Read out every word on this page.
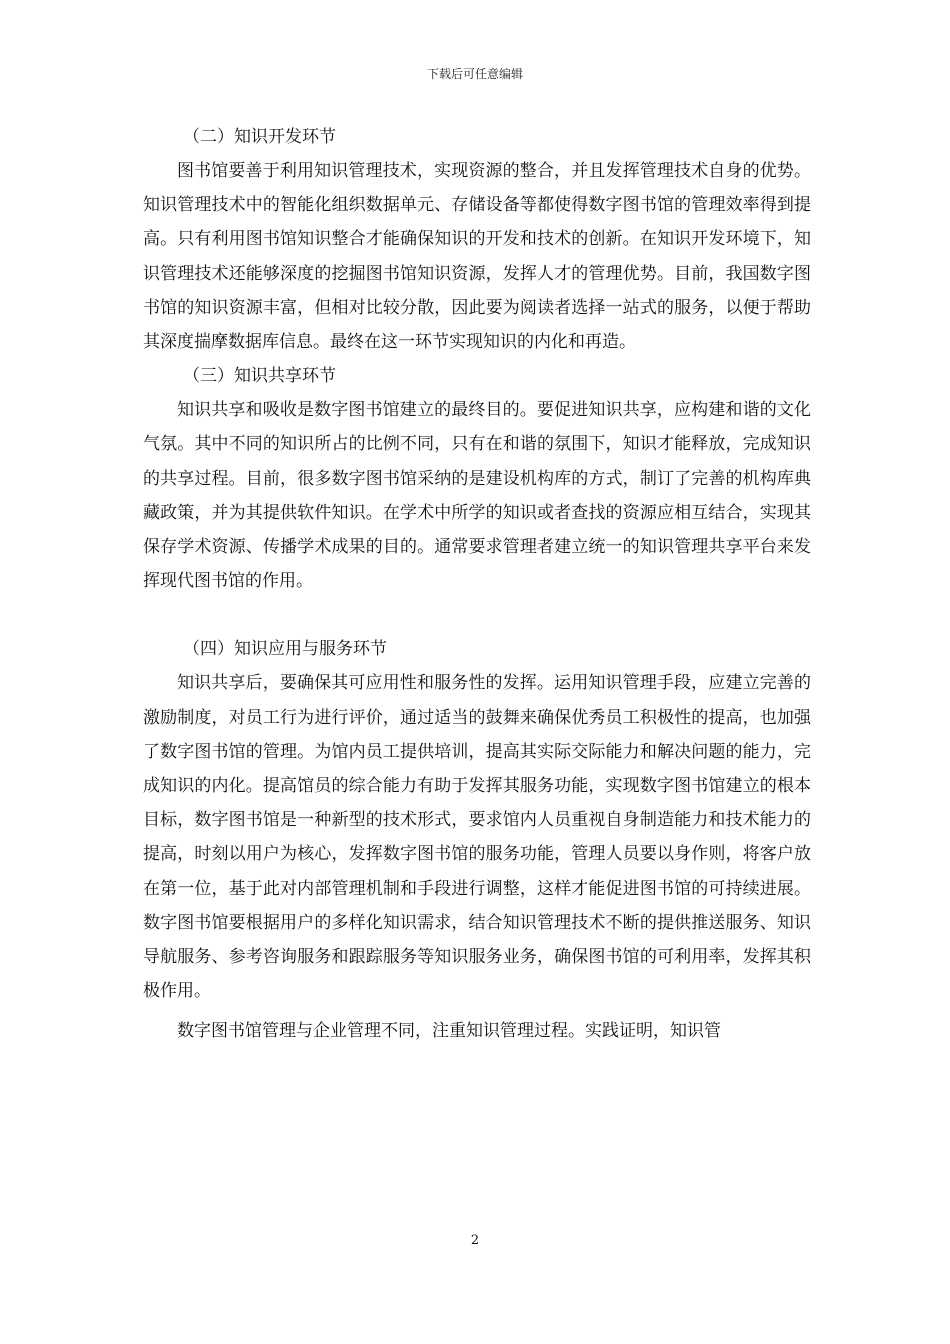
下载后可任意编辑
（二）知识开发环节
图书馆要善于利用知识管理技术，实现资源的整合，并且发挥管理技术自身的优势。知识管理技术中的智能化组织数据单元、存储设备等都使得数字图书馆的管理效率得到提高。只有利用图书馆知识整合才能确保知识的开发和技术的创新。在知识开发环境下，知识管理技术还能够深度的挖掘图书馆知识资源，发挥人才的管理优势。目前，我国数字图书馆的知识资源丰富，但相对比较分散，因此要为阅读者选择一站式的服务，以便于帮助其深度揣摩数据库信息。最终在这一环节实现知识的内化和再造。
（三）知识共享环节
知识共享和吸收是数字图书馆建立的最终目的。要促进知识共享，应构建和谐的文化气氛。其中不同的知识所占的比例不同，只有在和谐的氛围下，知识才能释放，完成知识的共享过程。目前，很多数字图书馆采纳的是建设机构库的方式，制订了完善的机构库典藏政策，并为其提供软件知识。在学术中所学的知识或者查找的资源应相互结合，实现其保存学术资源、传播学术成果的目的。通常要求管理者建立统一的知识管理共享平台来发挥现代图书馆的作用。
（四）知识应用与服务环节
知识共享后，要确保其可应用性和服务性的发挥。运用知识管理手段，应建立完善的激励制度，对员工行为进行评价，通过适当的鼓舞来确保优秀员工积极性的提高，也加强了数字图书馆的管理。为馆内员工提供培训，提高其实际交际能力和解决问题的能力，完成知识的内化。提高馆员的综合能力有助于发挥其服务功能，实现数字图书馆建立的根本目标，数字图书馆是一种新型的技术形式，要求馆内人员重视自身制造能力和技术能力的提高，时刻以用户为核心，发挥数字图书馆的服务功能，管理人员要以身作则，将客户放在第一位，基于此对内部管理机制和手段进行调整，这样才能促进图书馆的可持续进展。数字图书馆要根据用户的多样化知识需求，结合知识管理技术不断的提供推送服务、知识导航服务、参考咨询服务和跟踪服务等知识服务业务，确保图书馆的可利用率，发挥其积极作用。
数字图书馆管理与企业管理不同，注重知识管理过程。实践证明，知识管
2
